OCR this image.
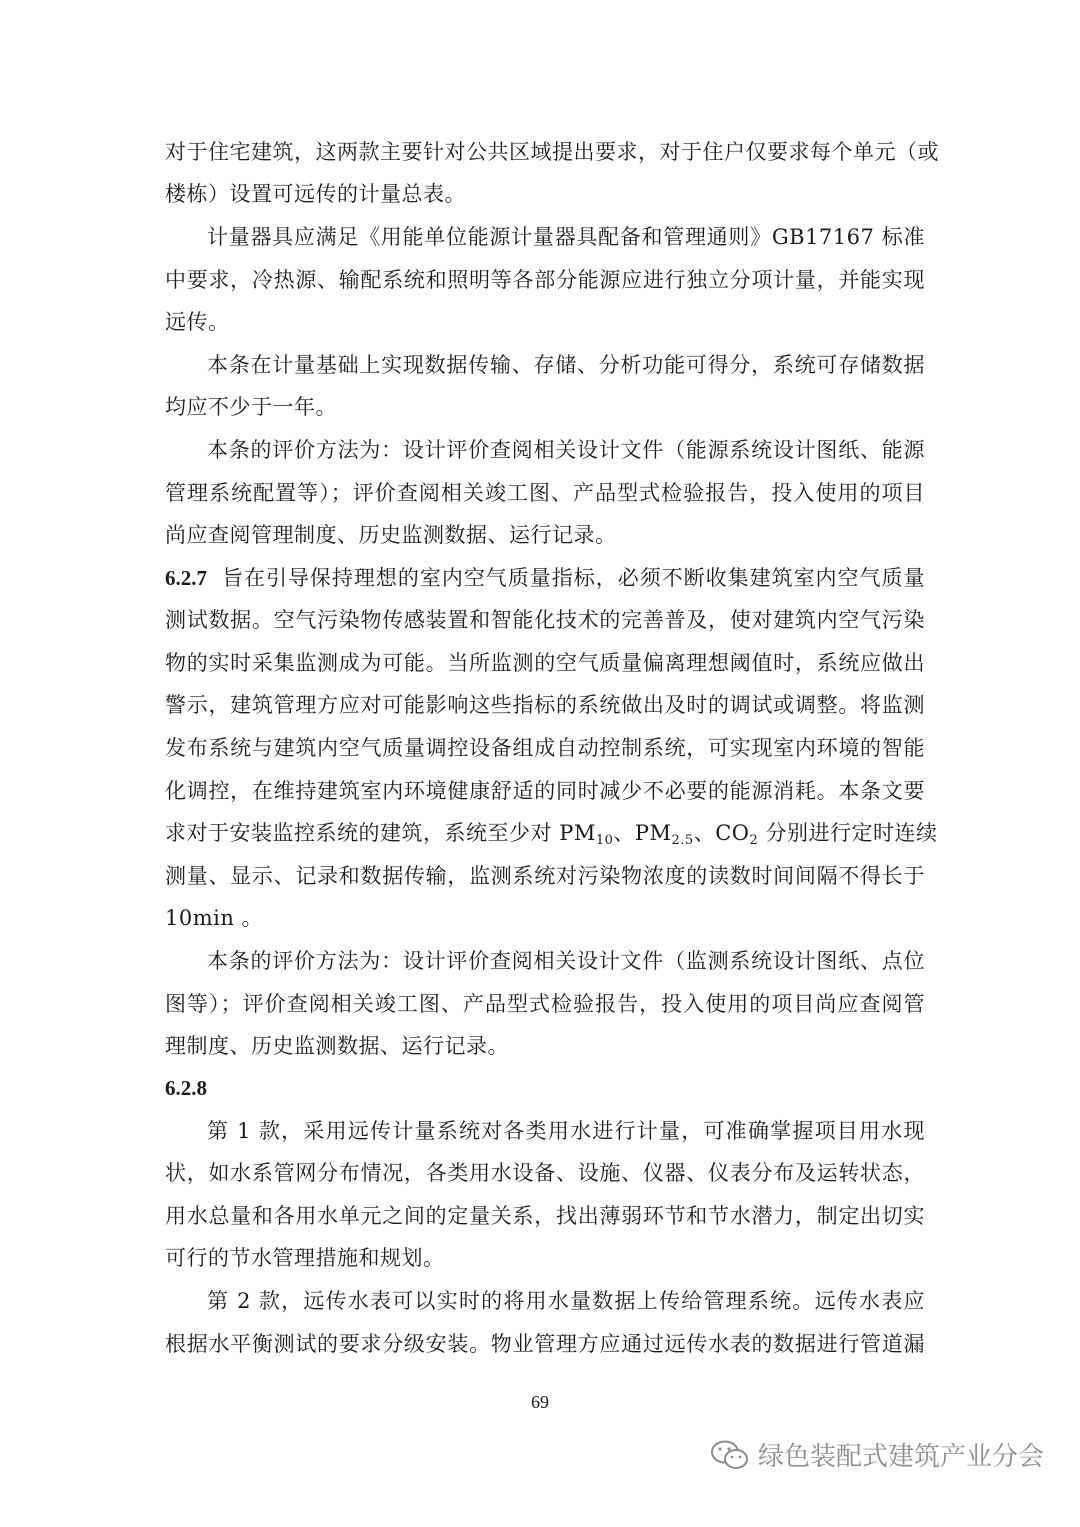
对于住宅建筑，这两款主要针对公共区域提出要求，对于住户仅要求每个单元（或
楼栋）设置可远传的计量总表。
计量器具应满足《用能单位能源计量器具配备和管理通则》GB17167 标准
中要求，冷热源、输配系统和照明等各部分能源应进行独立分项计量，并能实现
远传。
本条在计量基础上实现数据传输、存储、分析功能可得分，系统可存储数据
均应不少于一年。
本条的评价方法为：设计评价查阅相关设计文件（能源系统设计图纸、能源
管理系统配置等）；评价查阅相关竣工图、产品型式检验报告，投入使用的项目
尚应查阅管理制度、历史监测数据、运行记录。
6.2.7 旨在引导保持理想的室内空气质量指标，必须不断收集建筑室内空气质量
测试数据。空气污染物传感装置和智能化技术的完善普及，使对建筑内空气污染
物的实时采集监测成为可能。当所监测的空气质量偏离理想阈值时，系统应做出
警示，建筑管理方应对可能影响这些指标的系统做出及时的调试或调整。将监测
发布系统与建筑内空气质量调控设备组成自动控制系统，可实现室内环境的智能
化调控，在维持建筑室内环境健康舒适的同时减少不必要的能源消耗。本条文要
求对于安装监控系统的建筑，系统至少对 $PM_{10}$、$PM_{2.5}$、$CO_2$ 分别进行定时连续
测量、显示、记录和数据传输，监测系统对污染物浓度的读数时间间隔不得长于
10min 。
本条的评价方法为：设计评价查阅相关设计文件（监测系统设计图纸、点位
图等）；评价查阅相关竣工图、产品型式检验报告，投入使用的项目尚应查阅管
理制度、历史监测数据、运行记录。
6.2.8
第 1 款，采用远传计量系统对各类用水进行计量，可准确掌握项目用水现
状，如水系管网分布情况，各类用水设备、设施、仪器、仪表分布及运转状态，
用水总量和各用水单元之间的定量关系，找出薄弱环节和节水潜力，制定出切实
可行的节水管理措施和规划。
第 2 款，远传水表可以实时的将用水量数据上传给管理系统。远传水表应
根据水平衡测试的要求分级安装。物业管理方应通过远传水表的数据进行管道漏
69
绿色装配式建筑产业分会
